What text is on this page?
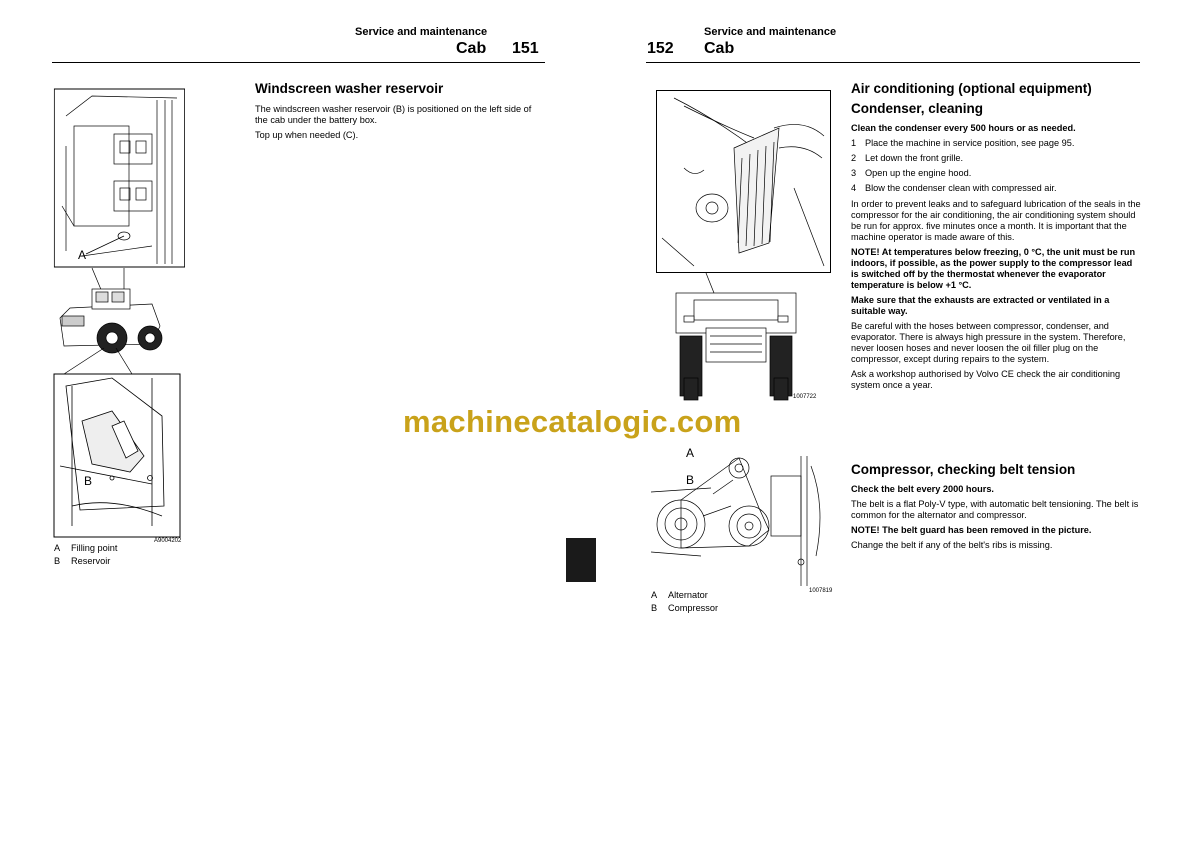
Service and maintenance
Cab 151
Windscreen washer reservoir

The windscreen washer reservoir (B) is positioned on the left side of the cab under the battery box.

Top up when needed (C).

A
B
A9004202
A Filling point
B Reservoir
Service and maintenance
152 Cab
1007722
Air conditioning (optional equipment)
Condenser, cleaning

Clean the condenser every 500 hours or as needed.

1 Place the machine in service position, see page 95.
2 Let down the front grille.
3 Open up the engine hood.
4 Blow the condenser clean with compressed air.

In order to prevent leaks and to safeguard lubrication of the seals in the compressor for the air conditioning, the air conditioning system should be run for approx. five minutes once a month. It is important that the machine operator is made aware of this.

NOTE! At temperatures below freezing, 0 °C, the unit must be run indoors, if possible, as the power supply to the compressor lead is switched off by the thermostat whenever the evaporator temperature is below +1 °C.

Make sure that the exhausts are extracted or ventilated in a suitable way.

Be careful with the hoses between compressor, condenser, and evaporator. There is always high pressure in the system. Therefore, never loosen hoses and never loosen the oil filler plug on the compressor, except during repairs to the system.

Ask a workshop authorised by Volvo CE check the air conditioning system once a year.

machinecatalogic.com
A
B
1007819
A Alternator
B Compressor
Compressor, checking belt tension

Check the belt every 2000 hours.

The belt is a flat Poly-V type, with automatic belt tensioning. The belt is common for the alternator and compressor.

NOTE! The belt guard has been removed in the picture.

Change the belt if any of the belt's ribs is missing.
